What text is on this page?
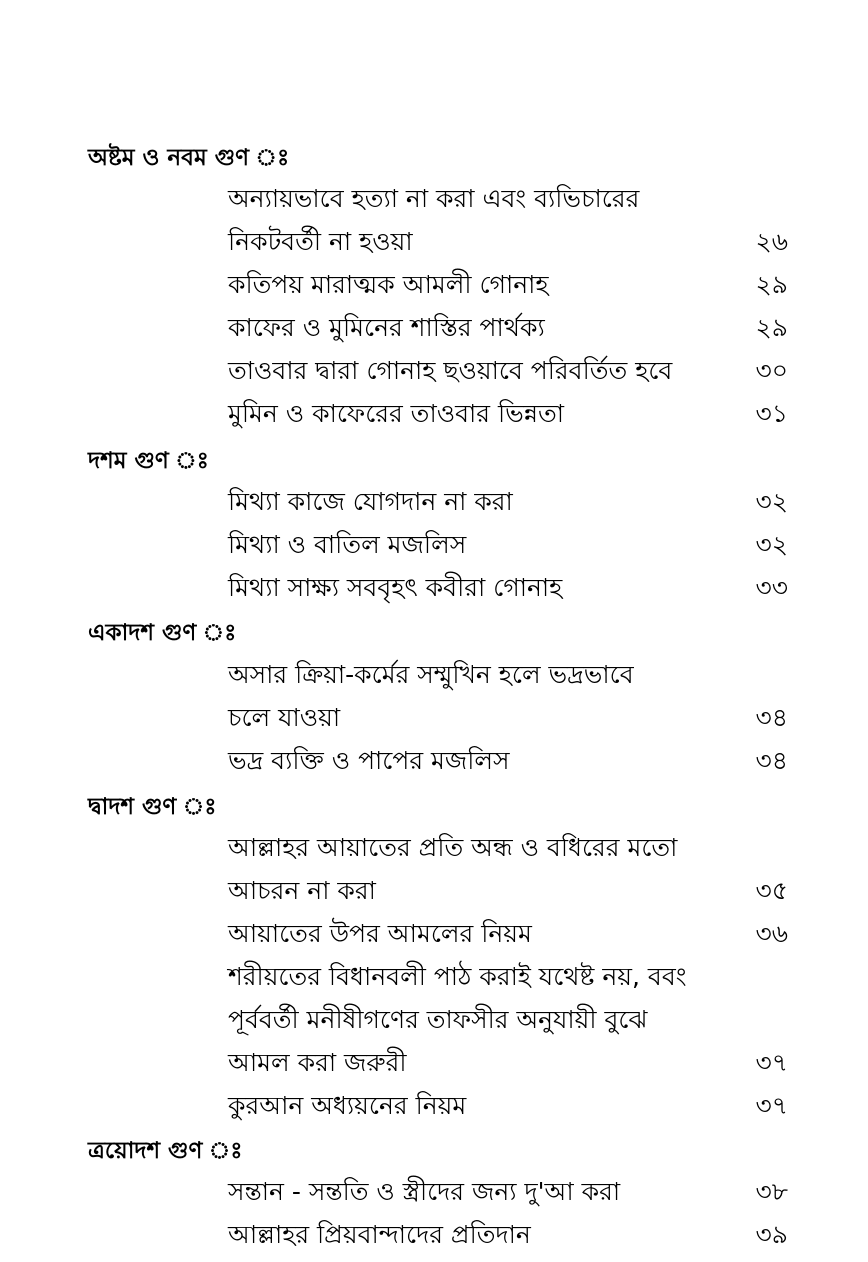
অষ্টম ও নবম গুণ ঃ
অন্যায়ভাবে হত্যা না করা এবং ব্যভিচারের
নিকটবর্তী না হওয়া	২৬
কতিপয় মারাত্মক আমলী গোনাহ	২৯
কাফের ও মুমিনের শাস্তির পার্থক্য	২৯
তাওবার দ্বারা গোনাহ ছওয়াবে পরিবর্তিত হবে	৩০
মুমিন ও কাফেরের তাওবার ভিন্নতা	৩১
দশম গুণ ঃ
মিথ্যা কাজে যোগদান না করা	৩২
মিথ্যা ও বাতিল মজলিস	৩২
মিথ্যা সাক্ষ্য সববৃহৎ কবীরা গোনাহ	৩৩
একাদশ গুণ ঃ
অসার ক্রিয়া-কর্মের সম্মুখিন হলে ভদ্রভাবে
চলে যাওয়া	৩৪
ভদ্র ব্যক্তি ও পাপের মজলিস	৩৪
দ্বাদশ গুণ ঃ
আল্লাহর আয়াতের প্রতি অন্ধ ও বধিরের মতো
আচরন না করা	৩৫
আয়াতের উপর আমলের নিয়ম	৩৬
শরীয়তের বিধানবলী পাঠ করাই যথেষ্ট নয়, ববং
পূর্ববর্তী মনীষীগণের তাফসীর অনুযায়ী বুঝে
আমল করা জরুরী	৩৭
কুরআন অধ্যয়নের নিয়ম	৩৭
ত্রয়োদশ গুণ ঃ
সন্তান - সন্ততি ও স্ত্রীদের জন্য দু'আ করা	৩৮
আল্লাহর প্রিয়বান্দাদের প্রতিদান	৩৯
